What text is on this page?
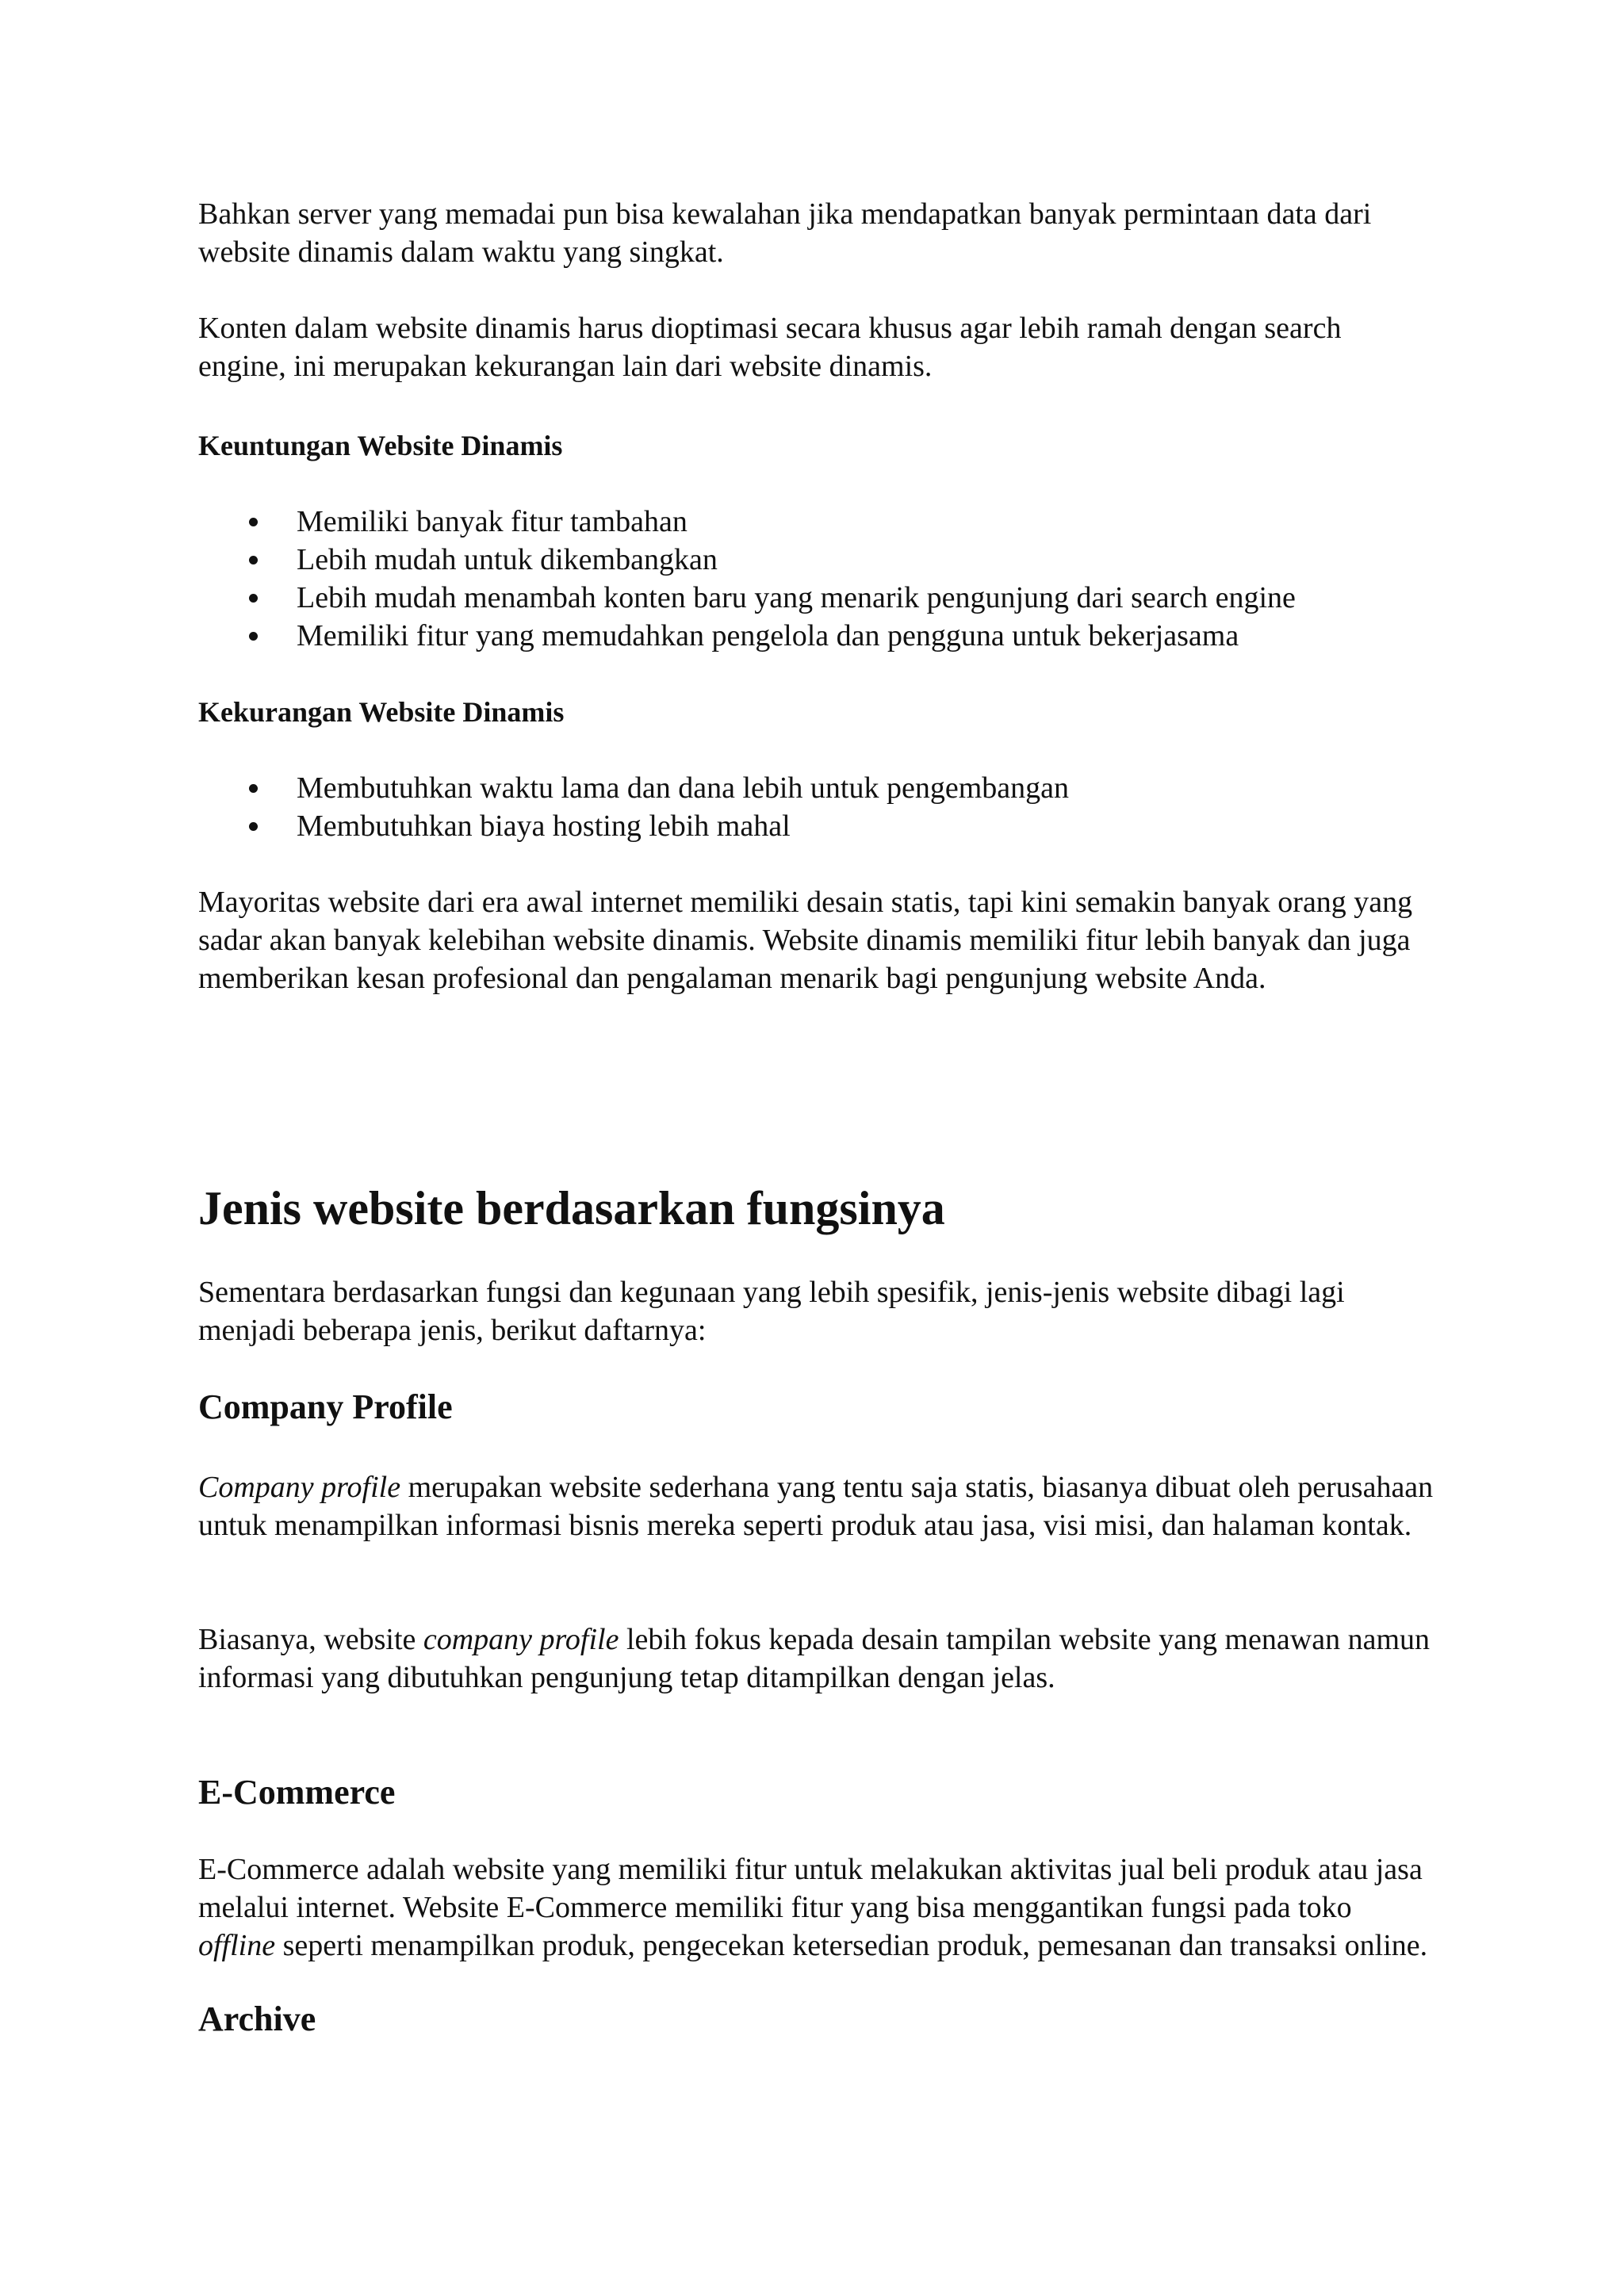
Bahkan server yang memadai pun bisa kewalahan jika mendapatkan banyak permintaan data dari website dinamis dalam waktu yang singkat.

Konten dalam website dinamis harus dioptimasi secara khusus agar lebih ramah dengan search engine, ini merupakan kekurangan lain dari website dinamis.

Keuntungan Website Dinamis
Memiliki banyak fitur tambahan
Lebih mudah untuk dikembangkan
Lebih mudah menambah konten baru yang menarik pengunjung dari search engine
Memiliki fitur yang memudahkan pengelola dan pengguna untuk bekerjasama
Kekurangan Website Dinamis
Membutuhkan waktu lama dan dana lebih untuk pengembangan
Membutuhkan biaya hosting lebih mahal

Mayoritas website dari era awal internet memiliki desain statis, tapi kini semakin banyak orang yang sadar akan banyak kelebihan website dinamis. Website dinamis memiliki fitur lebih banyak dan juga memberikan kesan profesional dan pengalaman menarik bagi pengunjung website Anda.

Jenis website berdasarkan fungsinya

Sementara berdasarkan fungsi dan kegunaan yang lebih spesifik, jenis-jenis website dibagi lagi menjadi beberapa jenis, berikut daftarnya:

Company Profile

Company profile merupakan website sederhana yang tentu saja statis, biasanya dibuat oleh perusahaan untuk menampilkan informasi bisnis mereka seperti produk atau jasa, visi misi, dan halaman kontak.

Biasanya, website company profile lebih fokus kepada desain tampilan website yang menawan namun informasi yang dibutuhkan pengunjung tetap ditampilkan dengan jelas.

E-Commerce

E-Commerce adalah website yang memiliki fitur untuk melakukan aktivitas jual beli produk atau jasa melalui internet. Website E-Commerce memiliki fitur yang bisa menggantikan fungsi pada toko offline seperti menampilkan produk, pengecekan ketersedian produk, pemesanan dan transaksi online.

Archive
